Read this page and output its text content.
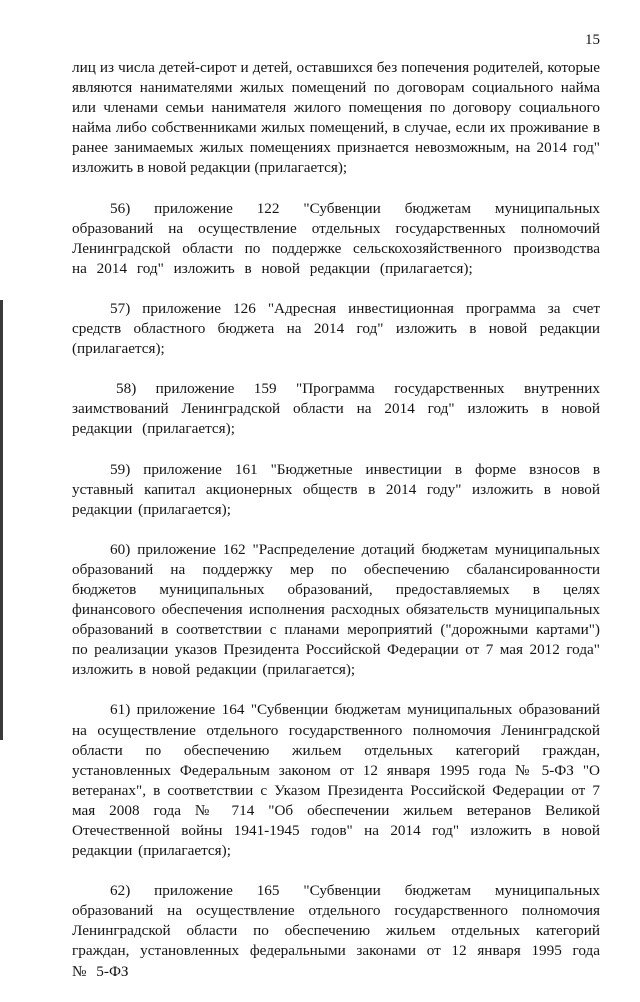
15

лиц из числа детей-сирот и детей, оставшихся без попечения родителей, которые являются нанимателями жилых помещений по договорам социального найма или членами семьи нанимателя жилого помещения по договору социального найма либо собственниками жилых помещений, в случае, если их проживание в ранее занимаемых жилых помещениях признается невозможным, на 2014 год" изложить в новой редакции (прилагается);

56) приложение 122 "Субвенции бюджетам муниципальных образований на осуществление отдельных государственных полномочий Ленинградской области по поддержке сельскохозяйственного производства на 2014 год" изложить в новой редакции (прилагается);

57) приложение 126 "Адресная инвестиционная программа за счет средств областного бюджета на 2014 год" изложить в новой редакции (прилагается);

58) приложение 159 "Программа государственных внутренних заимствований Ленинградской области на 2014 год" изложить в новой редакции (прилагается);

59) приложение 161 "Бюджетные инвестиции в форме взносов в уставный капитал акционерных обществ в 2014 году" изложить в новой редакции (прилагается);

60) приложение 162 "Распределение дотаций бюджетам муниципальных образований на поддержку мер по обеспечению сбалансированности бюджетов муниципальных образований, предоставляемых в целях финансового обеспечения исполнения расходных обязательств муниципальных образований в соответствии с планами мероприятий ("дорожными картами") по реализации указов Президента Российской Федерации от 7 мая 2012 года" изложить в новой редакции (прилагается);

61) приложение 164 "Субвенции бюджетам муниципальных образований на осуществление отдельного государственного полномочия Ленинградской области по обеспечению жильем отдельных категорий граждан, установленных Федеральным законом от 12 января 1995 года № 5-ФЗ "О ветеранах", в соответствии с Указом Президента Российской Федерации от 7 мая 2008 года № 714 "Об обеспечении жильем ветеранов Великой Отечественной войны 1941-1945 годов" на 2014 год" изложить в новой редакции (прилагается);

62) приложение 165 "Субвенции бюджетам муниципальных образований на осуществление отдельного государственного полномочия Ленинградской области по обеспечению жильем отдельных категорий граждан, установленных федеральными законами от 12 января 1995 года № 5-ФЗ
